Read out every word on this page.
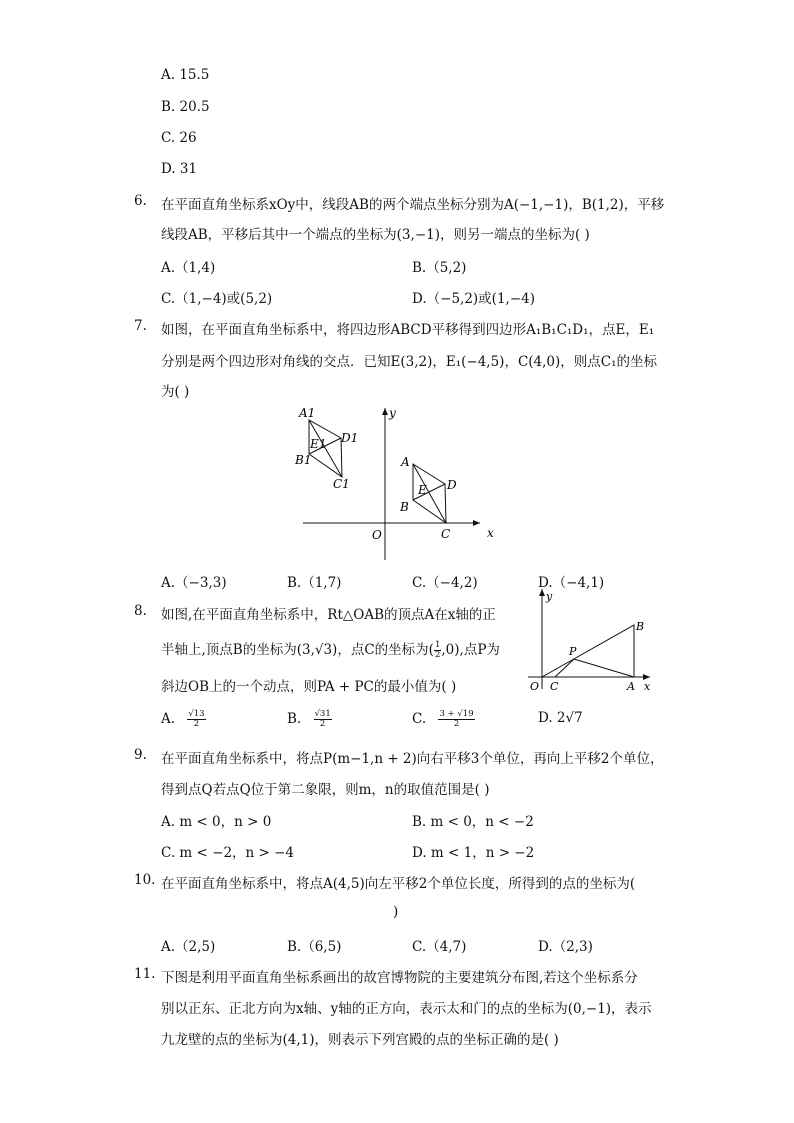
A. 15.5
B. 20.5
C. 26
D. 31
6. 在平面直角坐标系xOy中，线段AB的两个端点坐标分别为A(−1,−1)，B(1,2)，平移
线段AB，平移后其中一个端点的坐标为(3,−1)，则另一端点的坐标为( )
A.（1,4)	B.（5,2)
C.（1,−4)或(5,2)	D.（−5,2)或(1,−4)
7. 如图，在平面直角坐标系中，将四边形ABCD平移得到四边形A₁B₁C₁D₁，点E，E₁
分别是两个四边形对角线的交点．已知E(3,2)，E₁(−4,5)，C(4,0)，则点C₁的坐标
为( )
A1
E1 D1
B1
C1
y
A
E D
B
O	C	x
A.（−3,3)	B.（1,7)	C.（−4,2)	D.（−4,1)
8. 如图,在平面直角坐标系中，Rt△OAB的顶点A在x轴的正
半轴上,顶点B的坐标为(3,√3)，点C的坐标为( $\frac{1}{2} ,0$),点P为
斜边OB上的一个动点，则PA + PC的最小值为( )
y
B
P
O C	A x
A. $\frac{√13}{2}$	B. $\frac{√31}{2}$	C. $\frac{3 + √19}{2}$	D. 2√7
9. 在平面直角坐标系中，将点P(m−1,n + 2)向右平移3个单位，再向上平移2个单位，
得到点Q若点Q位于第二象限，则m，n的取值范围是( )
A. m < 0，n > 0	B. m < 0，n < −2
C. m < −2，n > −4	D. m < 1，n > −2
10. 在平面直角坐标系中，将点A(4,5)向左平移2个单位长度，所得到的点的坐标为(
)
A.（2,5)	B.（6,5)	C.（4,7)	D.（2,3)
11. 下图是利用平面直角坐标系画出的故宫博物院的主要建筑分布图,若这个坐标系分
别以正东、正北方向为x轴、y轴的正方向，表示太和门的点的坐标为(0,−1)，表示
九龙壁的点的坐标为(4,1)，则表示下列宫殿的点的坐标正确的是( )
